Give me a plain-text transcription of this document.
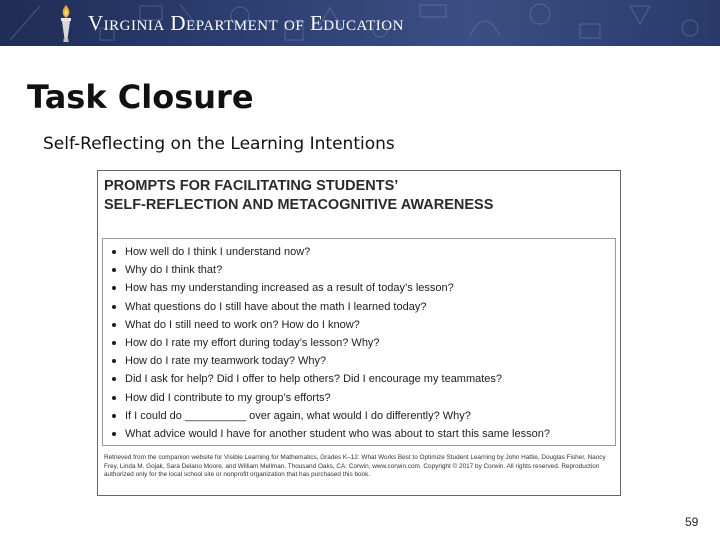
Virginia Department of Education
Task Closure
Self-Reflecting on the Learning Intentions
PROMPTS FOR FACILITATING STUDENTS’
SELF-REFLECTION AND METACOGNITIVE AWARENESS
How well do I think I understand now?
Why do I think that?
How has my understanding increased as a result of today’s lesson?
What questions do I still have about the math I learned today?
What do I still need to work on? How do I know?
How do I rate my effort during today’s lesson? Why?
How do I rate my teamwork today? Why?
Did I ask for help? Did I offer to help others? Did I encourage my teammates?
How did I contribute to my group’s efforts?
If I could do __________ over again, what would I do differently? Why?
What advice would I have for another student who was about to start this same lesson?
Retrieved from the companion website for Visible Learning for Mathematics, Grades K–12: What Works Best to Optimize Student Learning by John Hattie, Douglas Fisher, Nancy Frey, Linda M. Gojak, Sara Delano Moore, and William Mellman. Thousand Oaks, CA: Corwin, www.corwin.com. Copyright © 2017 by Corwin. All rights reserved. Reproduction authorized only for the local school site or nonprofit organization that has purchased this book.
59
